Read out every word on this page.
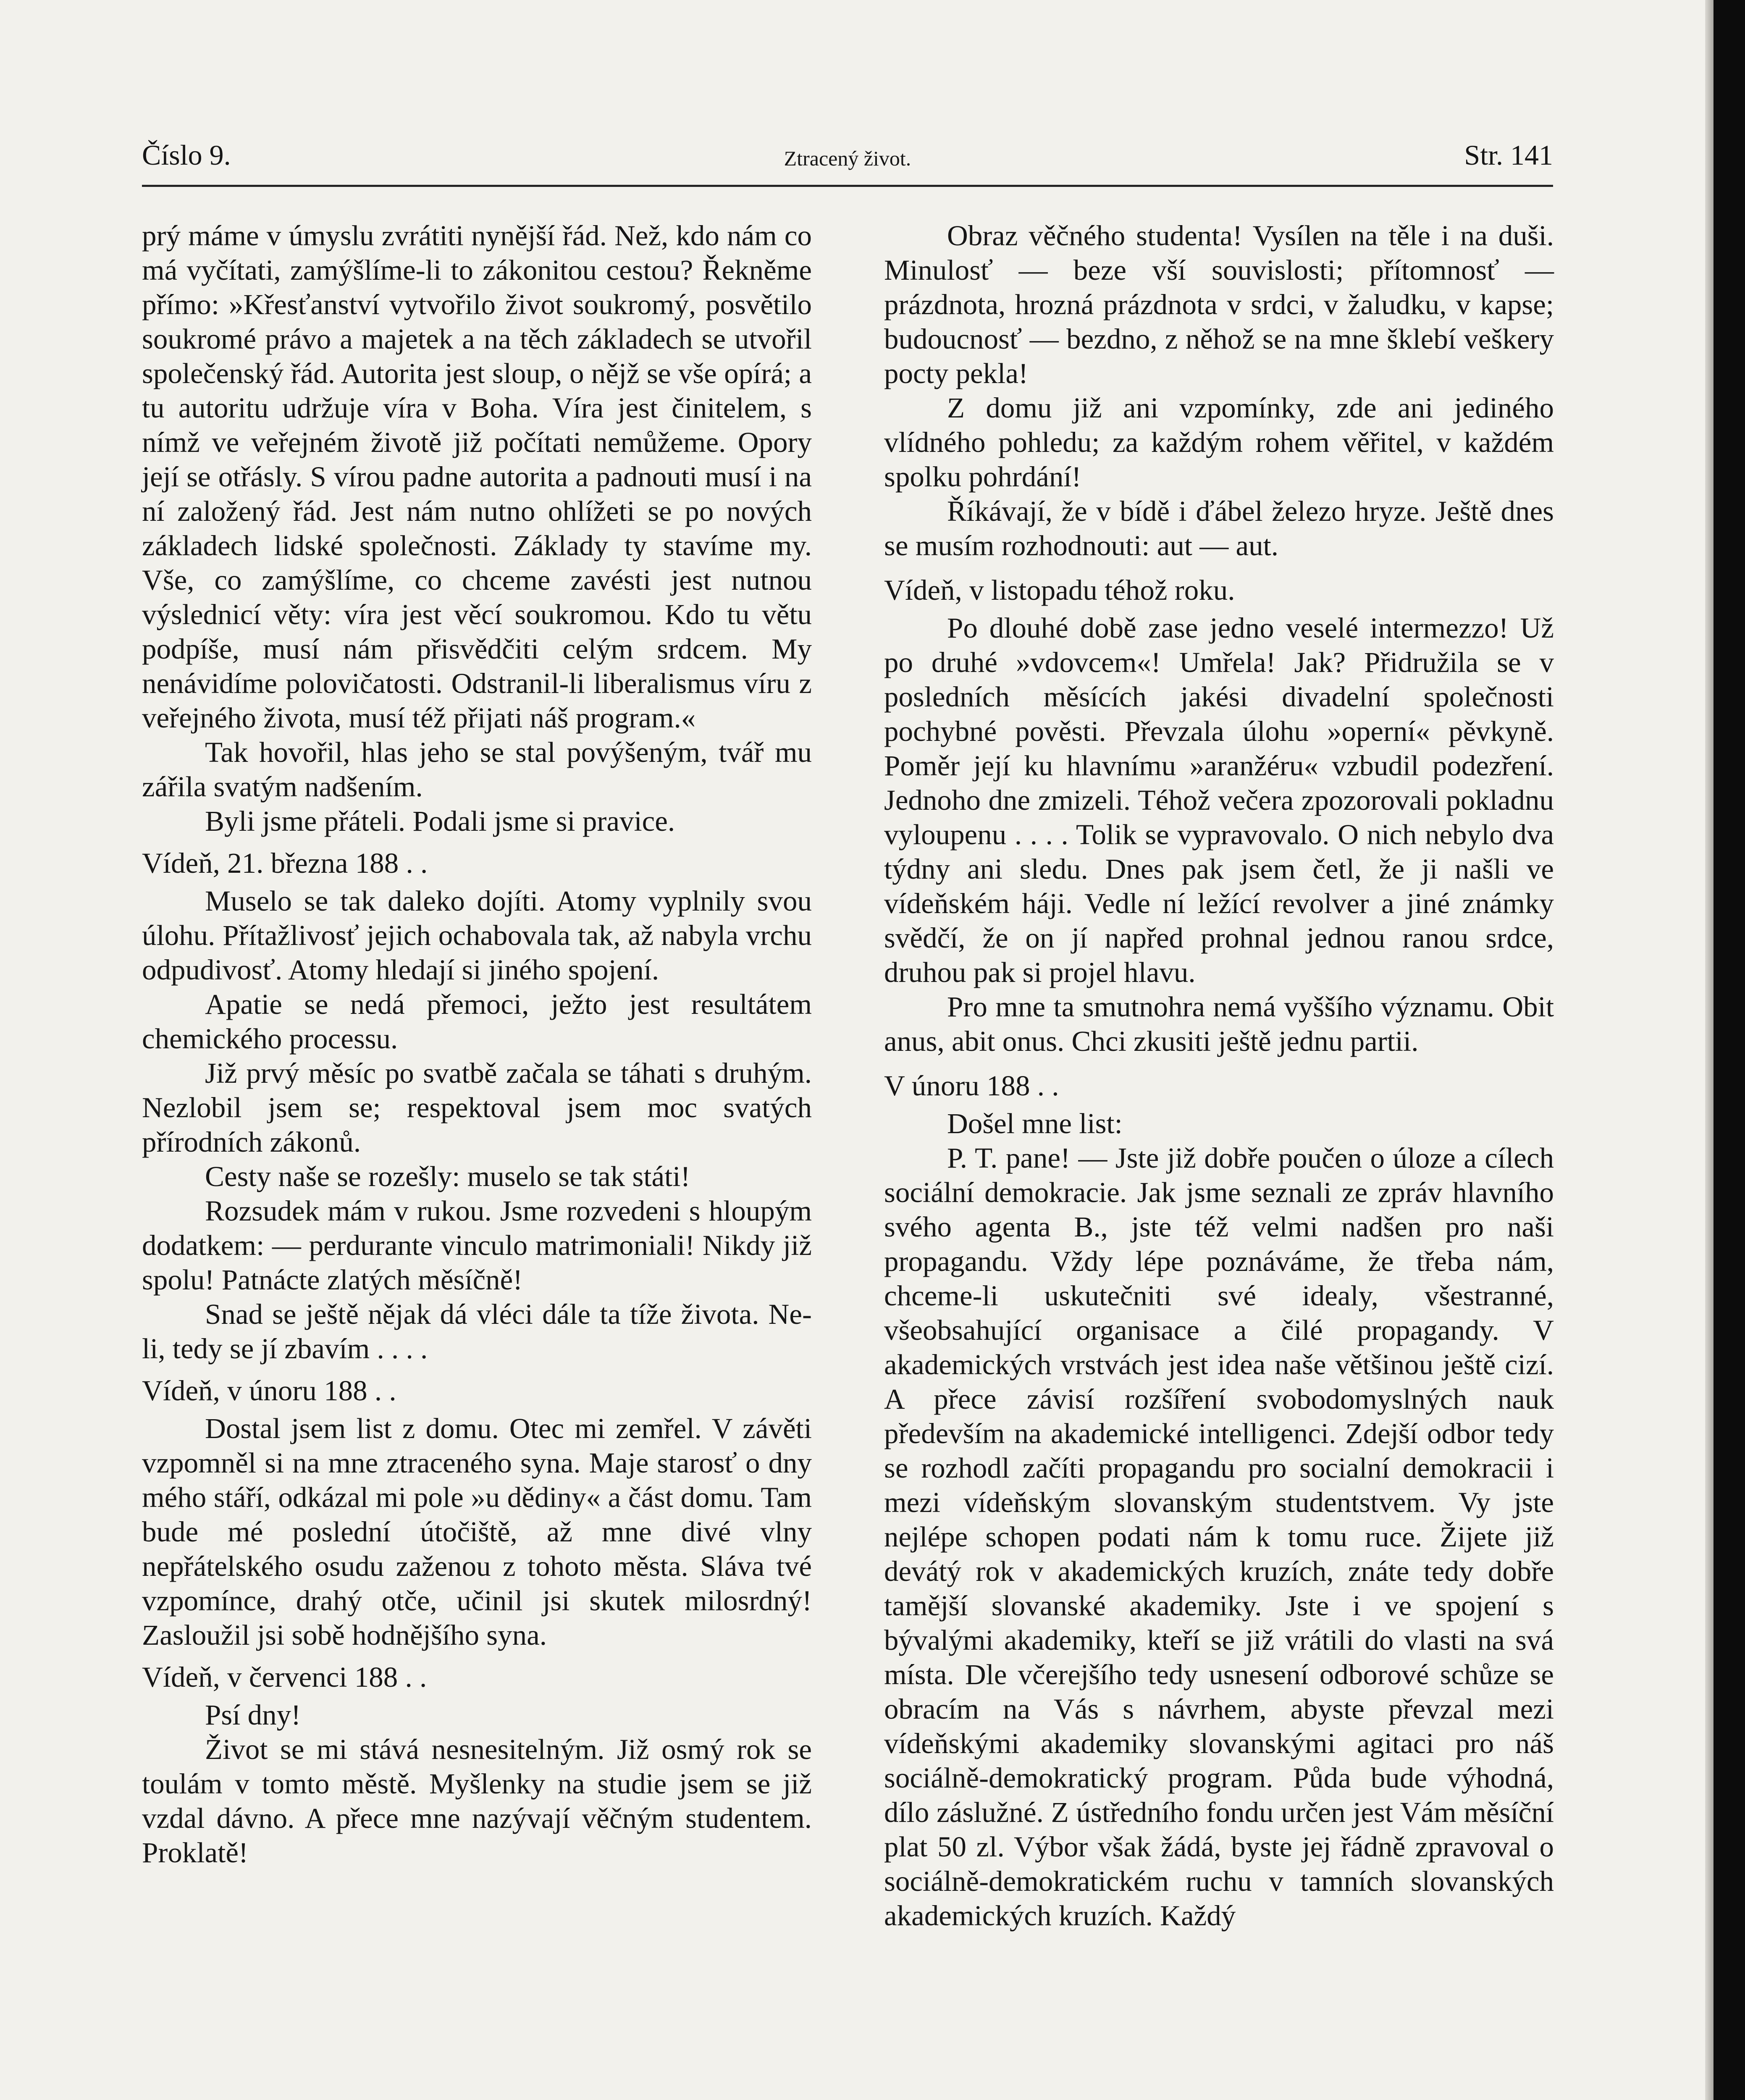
Číslo 9.	Ztracený život.	Str. 141

prý máme v úmyslu zvrátiti nynější řád. Než, kdo nám co má vyčítati, zamýšlíme-li to zákonitou cestou? Řekněme přímo: »Křesťanství vytvořilo život soukromý, posvětilo soukromé právo a majetek a na těch základech se utvořil společenský řád. Autorita jest sloup, o nějž se vše opírá; a tu autoritu udržuje víra v Boha. Víra jest činitelem, s nímž ve veřejném životě již počítati nemůžeme. Opory její se otřásly. S vírou padne autorita a padnouti musí i na ní založený řád. Jest nám nutno ohlížeti se po nových základech lidské společnosti. Základy ty stavíme my. Vše, co zamýšlíme, co chceme zavésti jest nutnou výslednicí věty: víra jest věcí soukromou. Kdo tu větu podpíše, musí nám přisvědčiti celým srdcem. My nenávidíme polovičatosti. Odstranil-li liberalismus víru z veřejného života, musí též přijati náš program.«

Tak hovořil, hlas jeho se stal povýšeným, tvář mu zářila svatým nadšením.

Byli jsme přáteli. Podali jsme si pravice.

Vídeň, 21. března 188 . .

Muselo se tak daleko dojíti. Atomy vyplnily svou úlohu. Přítažlivosť jejich ochabovala tak, až nabyla vrchu odpudivosť. Atomy hledají si jiného spojení.

Apatie se nedá přemoci, ježto jest resultátem chemického processu.

Již prvý měsíc po svatbě začala se táhati s druhým. Nezlobil jsem se; respektoval jsem moc svatých přírodních zákonů.

Cesty naše se rozešly: muselo se tak státi!

Rozsudek mám v rukou. Jsme rozvedeni s hloupým dodatkem: — perdurante vinculo matrimoniali! Nikdy již spolu! Patnácte zlatých měsíčně!

Snad se ještě nějak dá vléci dále ta tíže života. Ne-li, tedy se jí zbavím . . . .

Vídeň, v únoru 188 . .

Dostal jsem list z domu. Otec mi zemřel. V závěti vzpomněl si na mne ztraceného syna. Maje starosť o dny mého stáří, odkázal mi pole »u dědiny« a část domu. Tam bude mé poslední útočiště, až mne divé vlny nepřátelského osudu zaženou z tohoto města. Sláva tvé vzpomínce, drahý otče, učinil jsi skutek milosrdný! Zasloužil jsi sobě hodnějšího syna.

Vídeň, v červenci 188 . .

Psí dny!

Život se mi stává nesnesitelným. Již osmý rok se toulám v tomto městě. Myšlenky na studie jsem se již vzdal dávno. A přece mne nazývají věčným studentem. Proklatě!

Obraz věčného studenta! Vysílen na těle i na duši. Minulosť — beze vší souvislosti; přítomnosť — prázdnota, hrozná prázdnota v srdci, v žaludku, v kapse; budoucnosť — bezdno, z něhož se na mne šklebí veškery pocty pekla!

Z domu již ani vzpomínky, zde ani jediného vlídného pohledu; za každým rohem věřitel, v každém spolku pohrdání!

Říkávají, že v bídě i ďábel železo hryze. Ještě dnes se musím rozhodnouti: aut — aut.

Vídeň, v listopadu téhož roku.

Po dlouhé době zase jedno veselé intermezzo! Už po druhé »vdovcem«! Umřela! Jak? Přidružila se v posledních měsících jakési divadelní společnosti pochybné pověsti. Převzala úlohu »operní« pěvkyně. Poměr její ku hlavnímu »aranžéru« vzbudil podezření. Jednoho dne zmizeli. Téhož večera zpozorovali pokladnu vyloupenu . . . . Tolik se vypravovalo. O nich nebylo dva týdny ani sledu. Dnes pak jsem četl, že ji našli ve vídeňském háji. Vedle ní ležící revolver a jiné známky svědčí, že on jí napřed prohnal jednou ranou srdce, druhou pak si projel hlavu.

Pro mne ta smutnohra nemá vyššího významu. Obit anus, abit onus. Chci zkusiti ještě jednu partii.

V únoru 188 . .

Došel mne list:

P. T. pane! — Jste již dobře poučen o úloze a cílech sociální demokracie. Jak jsme seznali ze zpráv hlavního svého agenta B., jste též velmi nadšen pro naši propagandu. Vždy lépe poznáváme, že třeba nám, chceme-li uskutečniti své idealy, všestranné, všeobsahující organisace a čilé propagandy. V akademických vrstvách jest idea naše většinou ještě cizí. A přece závisí rozšíření svobodomyslných nauk především na akademické intelligenci. Zdejší odbor tedy se rozhodl začíti propagandu pro socialní demokracii i mezi vídeňským slovanským studentstvem. Vy jste nejlépe schopen podati nám k tomu ruce. Žijete již devátý rok v akademických kruzích, znáte tedy dobře tamější slovanské akademiky. Jste i ve spojení s bývalými akademiky, kteří se již vrátili do vlasti na svá místa. Dle včerejšího tedy usnesení odborové schůze se obracím na Vás s návrhem, abyste převzal mezi vídeňskými akademiky slovanskými agitaci pro náš sociálně-demokratický program. Půda bude výhodná, dílo záslužné. Z ústředního fondu určen jest Vám měsíční plat 50 zl. Výbor však žádá, byste jej řádně zpravoval o sociálně-demokratickém ruchu v tamních slovanských akademických kruzích. Každý
